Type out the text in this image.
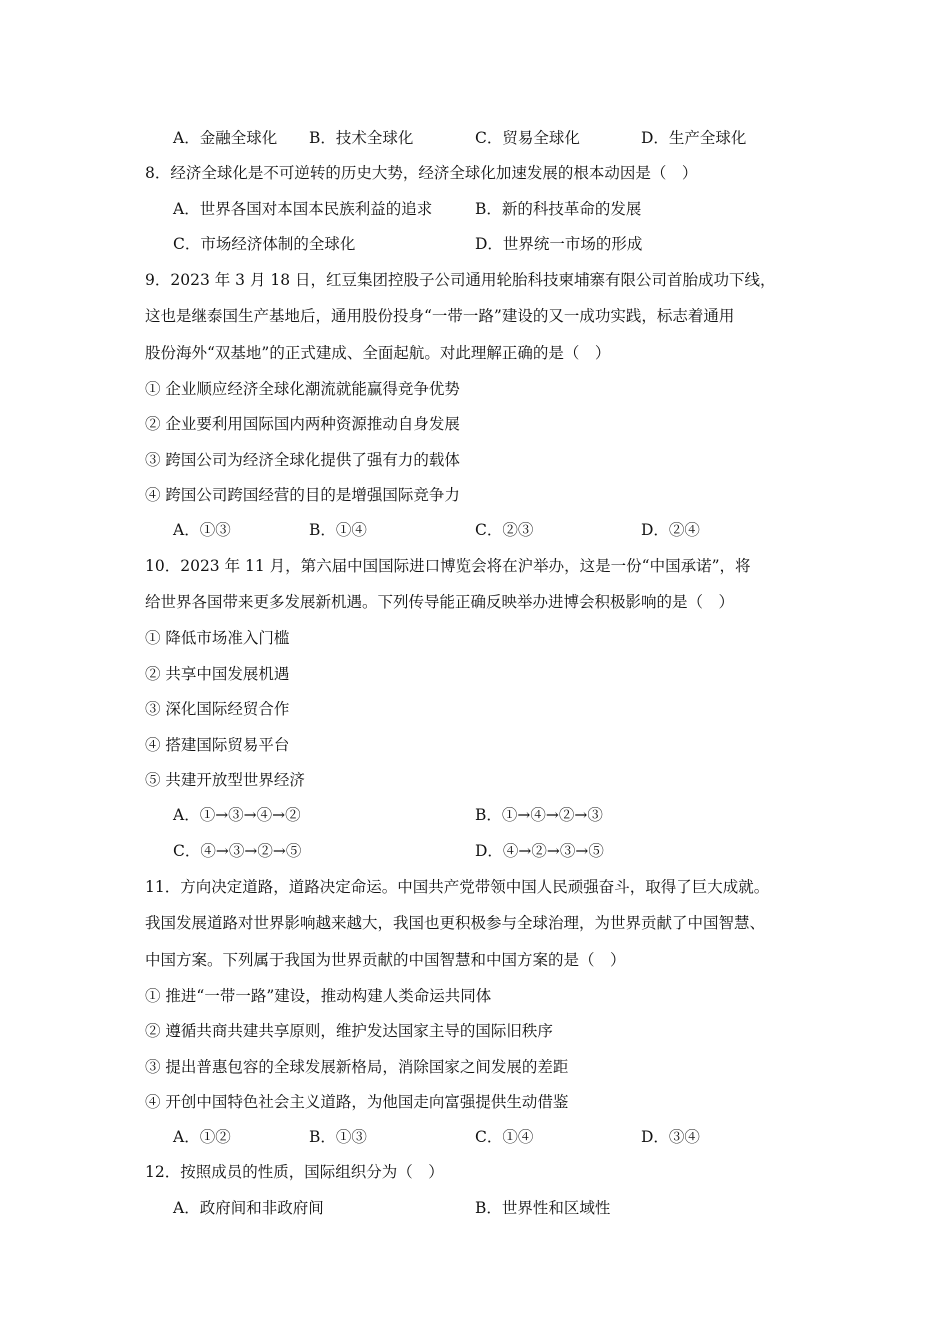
A．金融全球化 B．技术全球化	C．贸易全球化	D．生产全球化
8．经济全球化是不可逆转的历史大势，经济全球化加速发展的根本动因是（　）
A．世界各国对本国本民族利益的追求	B．新的科技革命的发展
C．市场经济体制的全球化	D．世界统一市场的形成
9．2023 年 3 月 18 日，红豆集团控股子公司通用轮胎科技柬埔寨有限公司首胎成功下线，
这也是继泰国生产基地后，通用股份投身“一带一路”建设的又一成功实践，标志着通用
股份海外“双基地”的正式建成、全面起航。对此理解正确的是（　）
① 企业顺应经济全球化潮流就能赢得竞争优势
② 企业要利用国际国内两种资源推动自身发展
③ 跨国公司为经济全球化提供了强有力的载体
④ 跨国公司跨国经营的目的是增强国际竞争力
A．①③	B．①④	C．②③	D．②④
10．2023 年 11 月，第六届中国国际进口博览会将在沪举办，这是一份“中国承诺”，将
给世界各国带来更多发展新机遇。下列传导能正确反映举办进博会积极影响的是（　）
① 降低市场准入门槛
② 共享中国发展机遇
③ 深化国际经贸合作
④ 搭建国际贸易平台
⑤ 共建开放型世界经济
A．①→③→④→②	B．①→④→②→③
C．④→③→②→⑤	D．④→②→③→⑤
11．方向决定道路，道路决定命运。中国共产党带领中国人民顽强奋斗，取得了巨大成就。
我国发展道路对世界影响越来越大，我国也更积极参与全球治理，为世界贡献了中国智慧、
中国方案。下列属于我国为世界贡献的中国智慧和中国方案的是（　）
① 推进“一带一路”建设，推动构建人类命运共同体
② 遵循共商共建共享原则，维护发达国家主导的国际旧秩序
③ 提出普惠包容的全球发展新格局，消除国家之间发展的差距
④ 开创中国特色社会主义道路，为他国走向富强提供生动借鉴
A．①②	B．①③	C．①④	D．③④
12．按照成员的性质，国际组织分为（　）
A．政府间和非政府间	B．世界性和区域性
